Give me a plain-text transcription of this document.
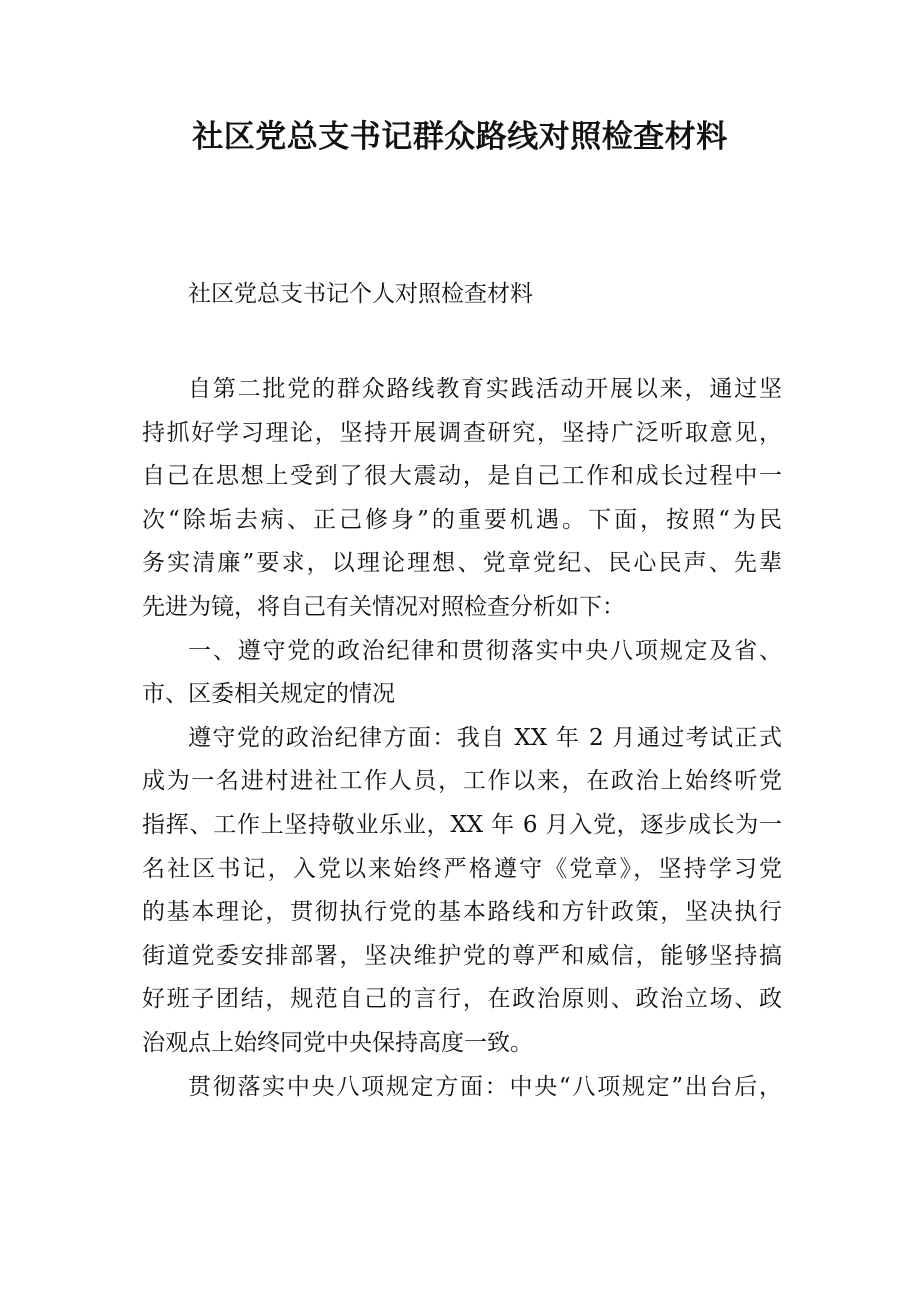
社区党总支书记群众路线对照检查材料

社区党总支书记个人对照检查材料

自第二批党的群众路线教育实践活动开展以来，通过坚
持抓好学习理论，坚持开展调查研究，坚持广泛听取意见，
自己在思想上受到了很大震动，是自己工作和成长过程中一
次“除垢去病、正己修身”的重要机遇。下面，按照“为民
务实清廉”要求，以理论理想、党章党纪、民心民声、先辈
先进为镜，将自己有关情况对照检查分析如下：

一、遵守党的政治纪律和贯彻落实中央八项规定及省、
市、区委相关规定的情况

遵守党的政治纪律方面：我自 XX 年 2 月通过考试正式
成为一名进村进社工作人员，工作以来，在政治上始终听党
指挥、工作上坚持敬业乐业，XX 年 6 月入党，逐步成长为一
名社区书记，入党以来始终严格遵守《党章》，坚持学习党
的基本理论，贯彻执行党的基本路线和方针政策，坚决执行
街道党委安排部署，坚决维护党的尊严和威信，能够坚持搞
好班子团结，规范自己的言行，在政治原则、政治立场、政
治观点上始终同党中央保持高度一致。

贯彻落实中央八项规定方面：中央“八项规定”出台后，
